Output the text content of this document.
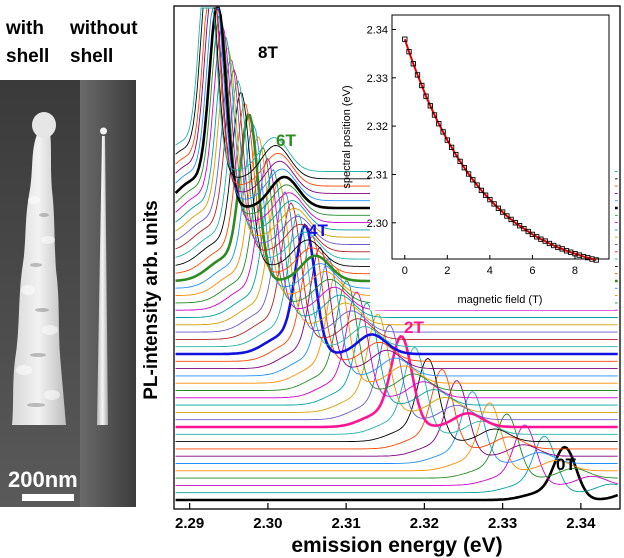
with
shell
without
shell
200nm
2.29	2.30	2.31	2.32	2.33	2.34
0T
2T
4T
6T
8T
emission energy (eV)
PL-intensity arb. units	0	2	4	6	8
2.30
2.31
2.32
2.33
2.34
magnetic field (T)
spectral position (eV)
